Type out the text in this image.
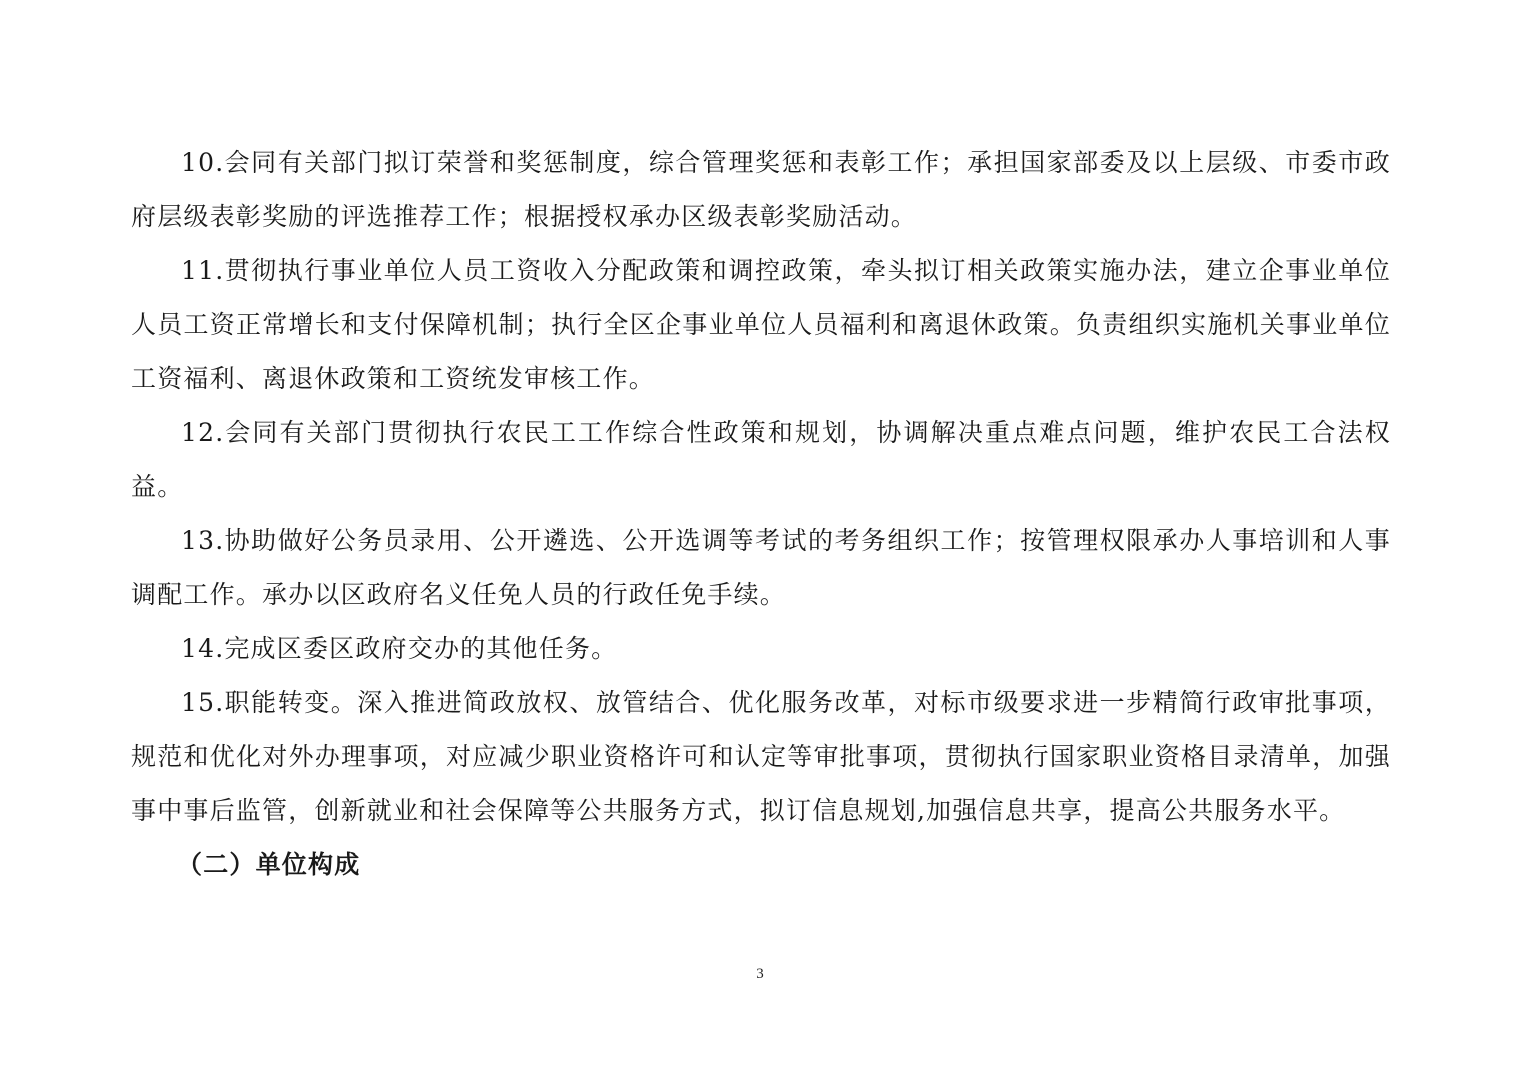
10.会同有关部门拟订荣誉和奖惩制度，综合管理奖惩和表彰工作；承担国家部委及以上层级、市委市政府层级表彰奖励的评选推荐工作；根据授权承办区级表彰奖励活动。

11.贯彻执行事业单位人员工资收入分配政策和调控政策，牵头拟订相关政策实施办法，建立企事业单位人员工资正常增长和支付保障机制；执行全区企事业单位人员福利和离退休政策。负责组织实施机关事业单位工资福利、离退休政策和工资统发审核工作。

12.会同有关部门贯彻执行农民工工作综合性政策和规划，协调解决重点难点问题，维护农民工合法权益。

13.协助做好公务员录用、公开遴选、公开选调等考试的考务组织工作；按管理权限承办人事培训和人事调配工作。承办以区政府名义任免人员的行政任免手续。

14.完成区委区政府交办的其他任务。

15.职能转变。深入推进简政放权、放管结合、优化服务改革，对标市级要求进一步精简行政审批事项，规范和优化对外办理事项，对应减少职业资格许可和认定等审批事项，贯彻执行国家职业资格目录清单，加强事中事后监管，创新就业和社会保障等公共服务方式，拟订信息规划,加强信息共享，提高公共服务水平。

（二）单位构成

3
